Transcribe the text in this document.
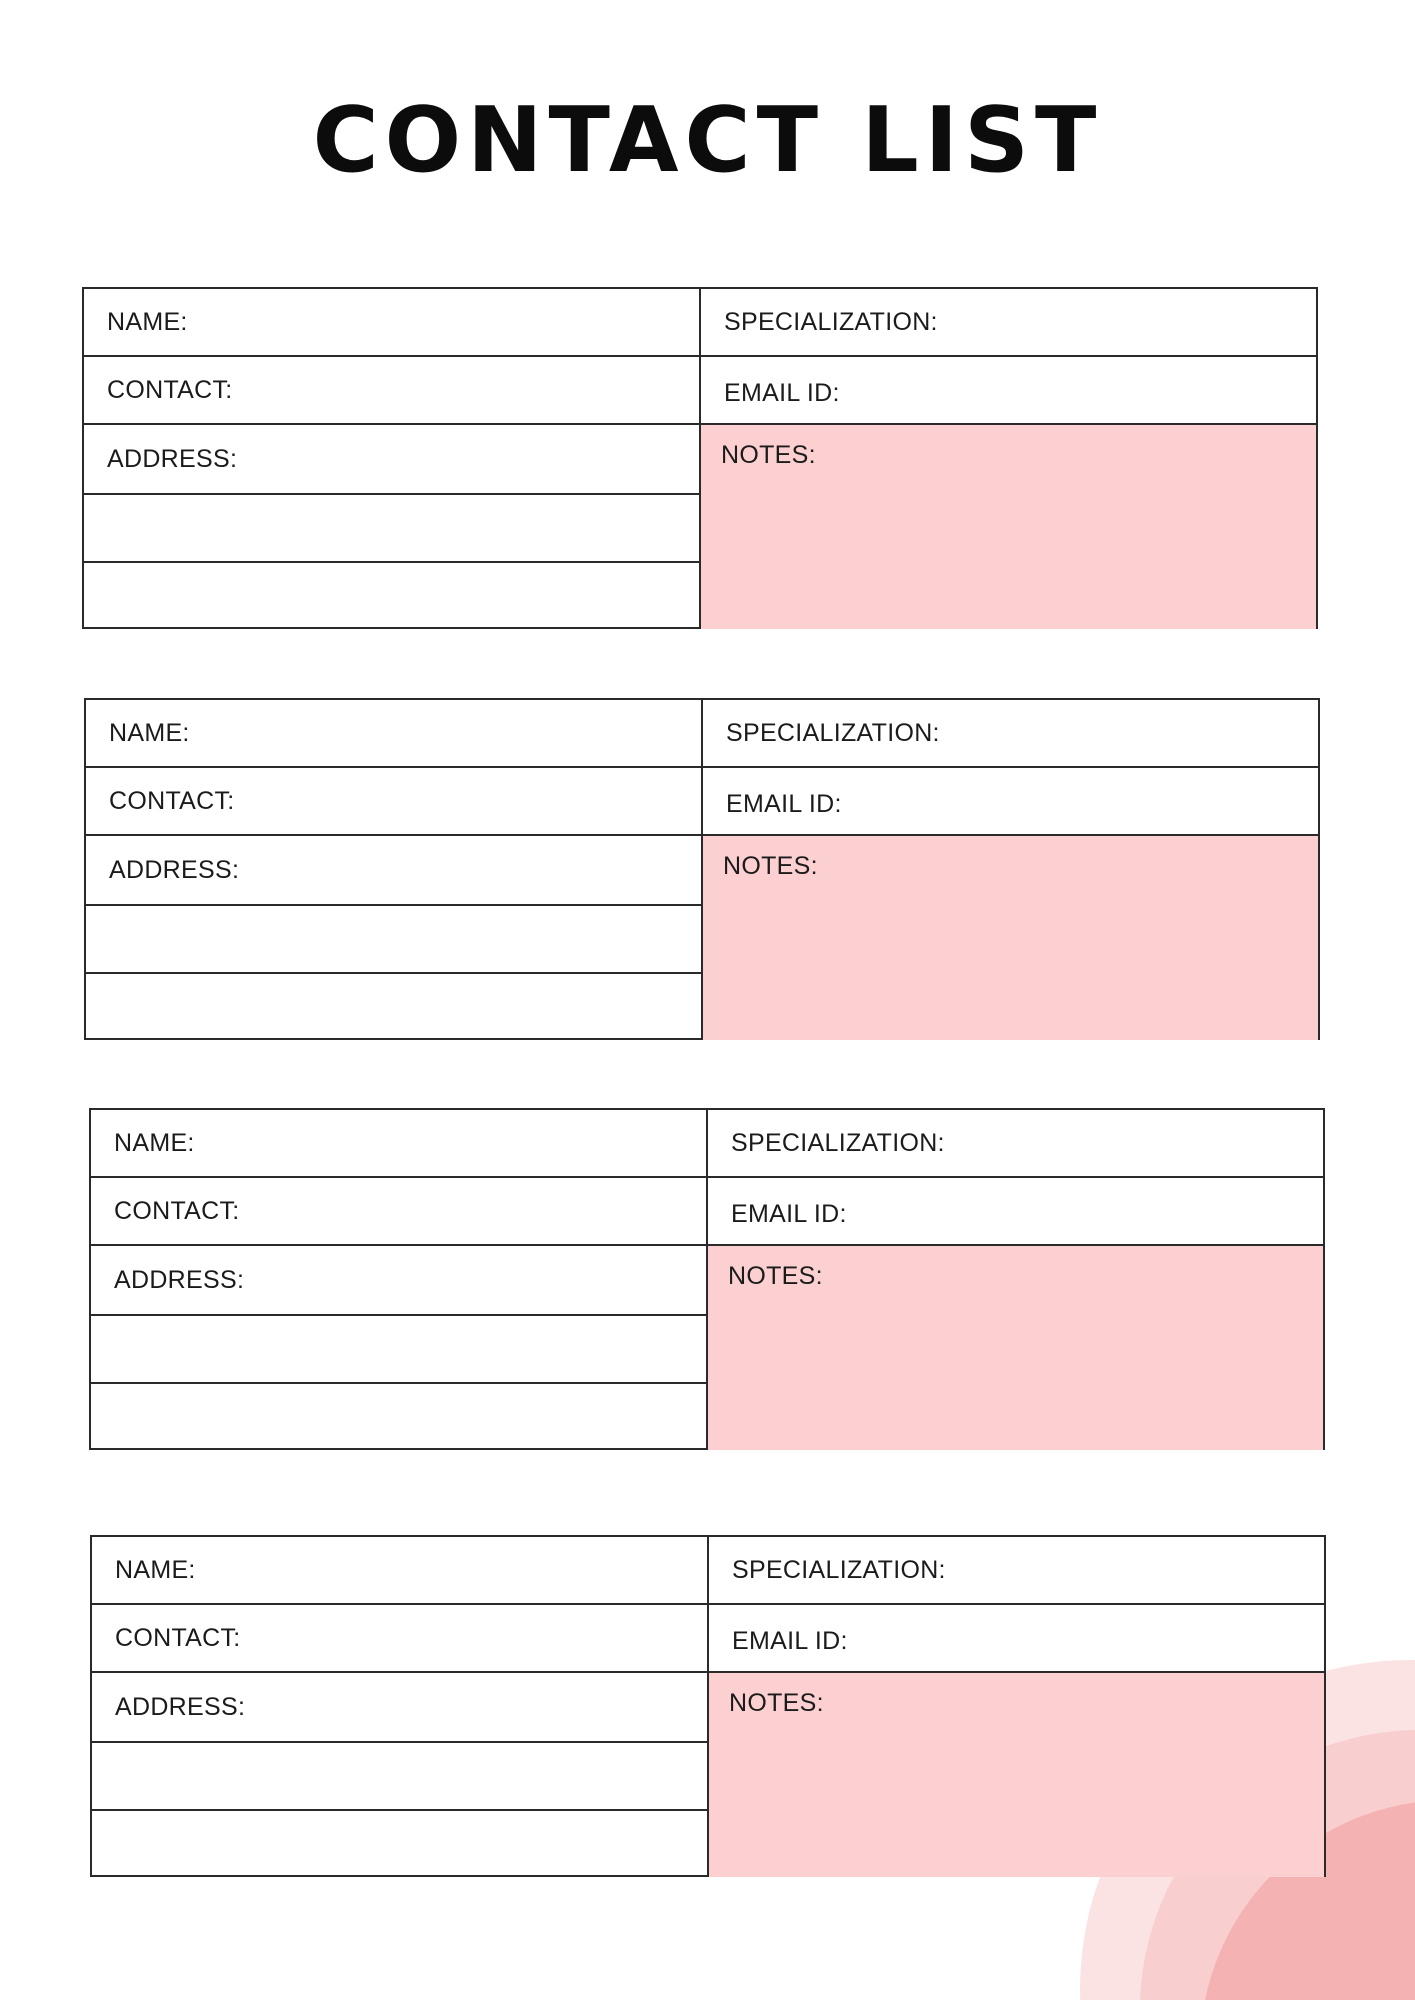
CONTACT LIST
NAME:
CONTACT:
ADDRESS:
SPECIALIZATION:
EMAIL ID:
NOTES:
NAME:
CONTACT:
ADDRESS:
SPECIALIZATION:
EMAIL ID:
NOTES:
NAME:
CONTACT:
ADDRESS:
SPECIALIZATION:
EMAIL ID:
NOTES:
NAME:
CONTACT:
ADDRESS:
SPECIALIZATION:
EMAIL ID:
NOTES:
